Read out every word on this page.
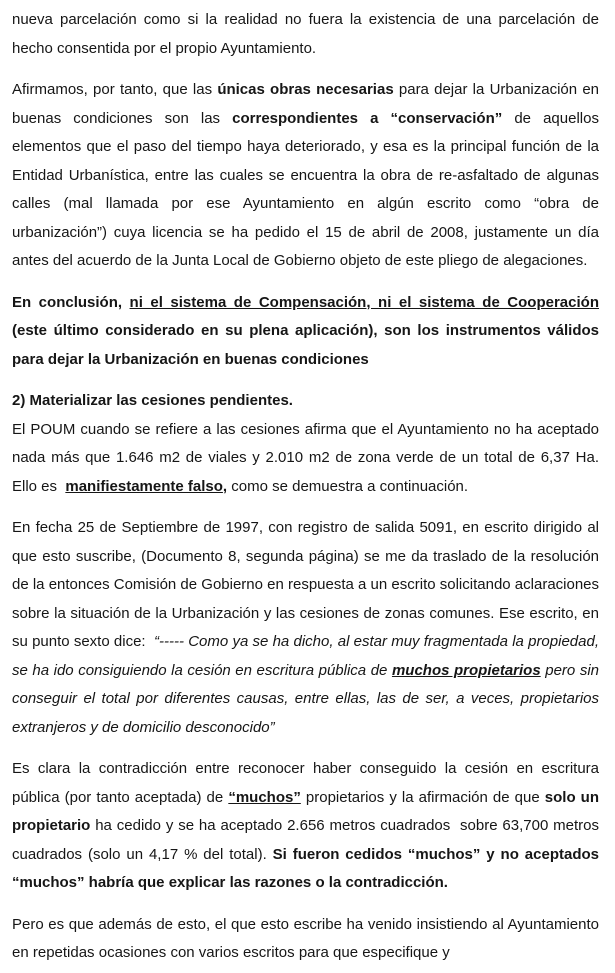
nueva parcelación como si la realidad no fuera la existencia de una parcelación de hecho consentida por el propio Ayuntamiento.

Afirmamos, por tanto, que las únicas obras necesarias para dejar la Urbanización en buenas condiciones son las correspondientes a “conservación” de aquellos elementos que el paso del tiempo haya deteriorado, y esa es la principal función de la Entidad Urbanística, entre las cuales se encuentra la obra de re-asfaltado de algunas calles (mal llamada por ese Ayuntamiento en algún escrito como “obra de urbanización”) cuya licencia se ha pedido el 15 de abril de 2008, justamente un día antes del acuerdo de la Junta Local de Gobierno objeto de este pliego de alegaciones.

En conclusión, ni el sistema de Compensación, ni el sistema de Cooperación (este último considerado en su plena aplicación), son los instrumentos válidos para dejar la Urbanización en buenas condiciones

2) Materializar las cesiones pendientes.

El POUM cuando se refiere a las cesiones afirma que el Ayuntamiento no ha aceptado nada más que 1.646 m2 de viales y 2.010 m2 de zona verde de un total de 6,37 Ha. Ello es  manifiestamente falso, como se demuestra a continuación.

En fecha 25 de Septiembre de 1997, con registro de salida 5091, en escrito dirigido al que esto suscribe, (Documento 8, segunda página) se me da traslado de la resolución de la entonces Comisión de Gobierno en respuesta a un escrito solicitando aclaraciones sobre la situación de la Urbanización y las cesiones de zonas comunes. Ese escrito, en su punto sexto dice:  “----- Como ya se ha dicho, al estar muy fragmentada la propiedad, se ha ido consiguiendo la cesión en escritura pública de muchos propietarios pero sin conseguir el total por diferentes causas, entre ellas, las de ser, a veces, propietarios extranjeros y de domicilio desconocido”

Es clara la contradicción entre reconocer haber conseguido la cesión en escritura pública (por tanto aceptada) de “muchos” propietarios y la afirmación de que solo un propietario ha cedido y se ha aceptado 2.656 metros cuadrados  sobre 63,700 metros cuadrados (solo un 4,17 % del total). Si fueron cedidos “muchos” y no aceptados “muchos” habría que explicar las razones o la contradicción.

Pero es que además de esto, el que esto escribe ha venido insistiendo al Ayuntamiento en repetidas ocasiones con varios escritos para que especifique y
